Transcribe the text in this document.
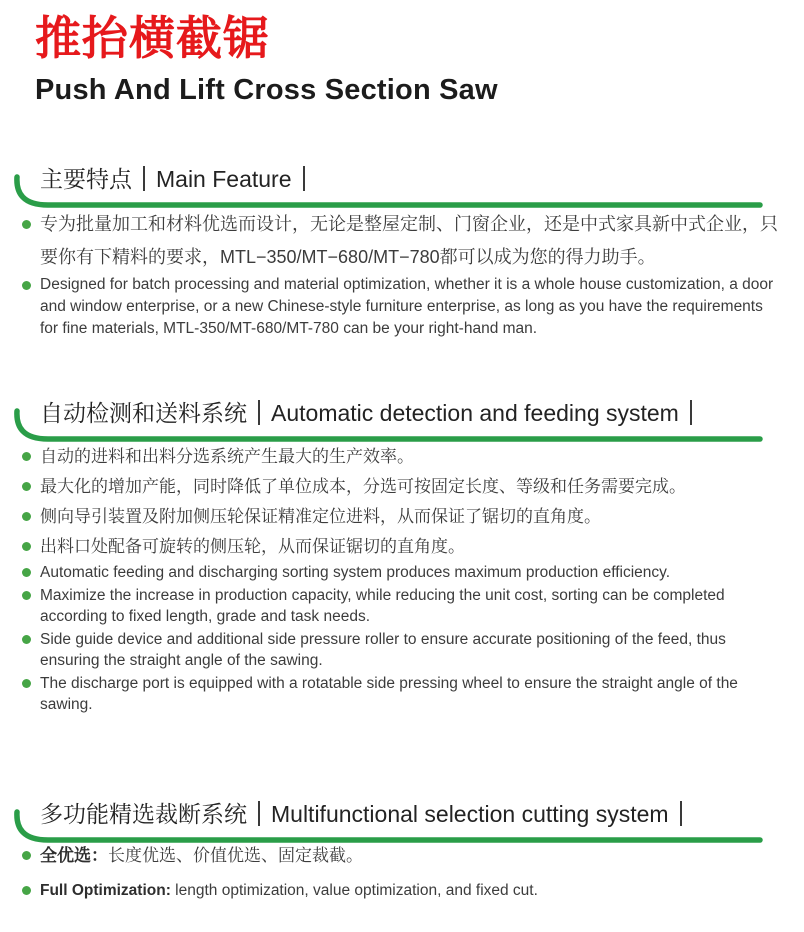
推抬横截锯
Push And Lift Cross Section Saw
主要特点 Main Feature
专为批量加工和材料优选而设计，无论是整屋定制、门窗企业，还是中式家具新中式企业，只要你有下精料的要求，MTL−350/MT−680/MT−780都可以成为您的得力助手。
Designed for batch processing and material optimization, whether it is a whole house customization, a door and window enterprise, or a new Chinese-style furniture enterprise, as long as you have the requirements for fine materials, MTL-350/MT-680/MT-780 can be your right-hand man.
自动检测和送料系统 Automatic detection and feeding system
自动的进料和出料分选系统产生最大的生产效率。
最大化的增加产能，同时降低了单位成本，分选可按固定长度、等级和任务需要完成。
侧向导引装置及附加侧压轮保证精准定位进料，从而保证了锯切的直角度。
出料口处配备可旋转的侧压轮，从而保证锯切的直角度。
Automatic feeding and discharging sorting system produces maximum production efficiency.
Maximize the increase in production capacity, while reducing the unit cost, sorting can be completed according to fixed length, grade and task needs.
Side guide device and additional side pressure roller to ensure accurate positioning of the feed, thus ensuring the straight angle of the sawing.
The discharge port is equipped with a rotatable side pressing wheel to ensure the straight angle of the sawing.
多功能精选裁断系统 Multifunctional selection cutting system
全优选：长度优选、价值优选、固定裁截。
Full Optimization: length optimization, value optimization, and fixed cut.
